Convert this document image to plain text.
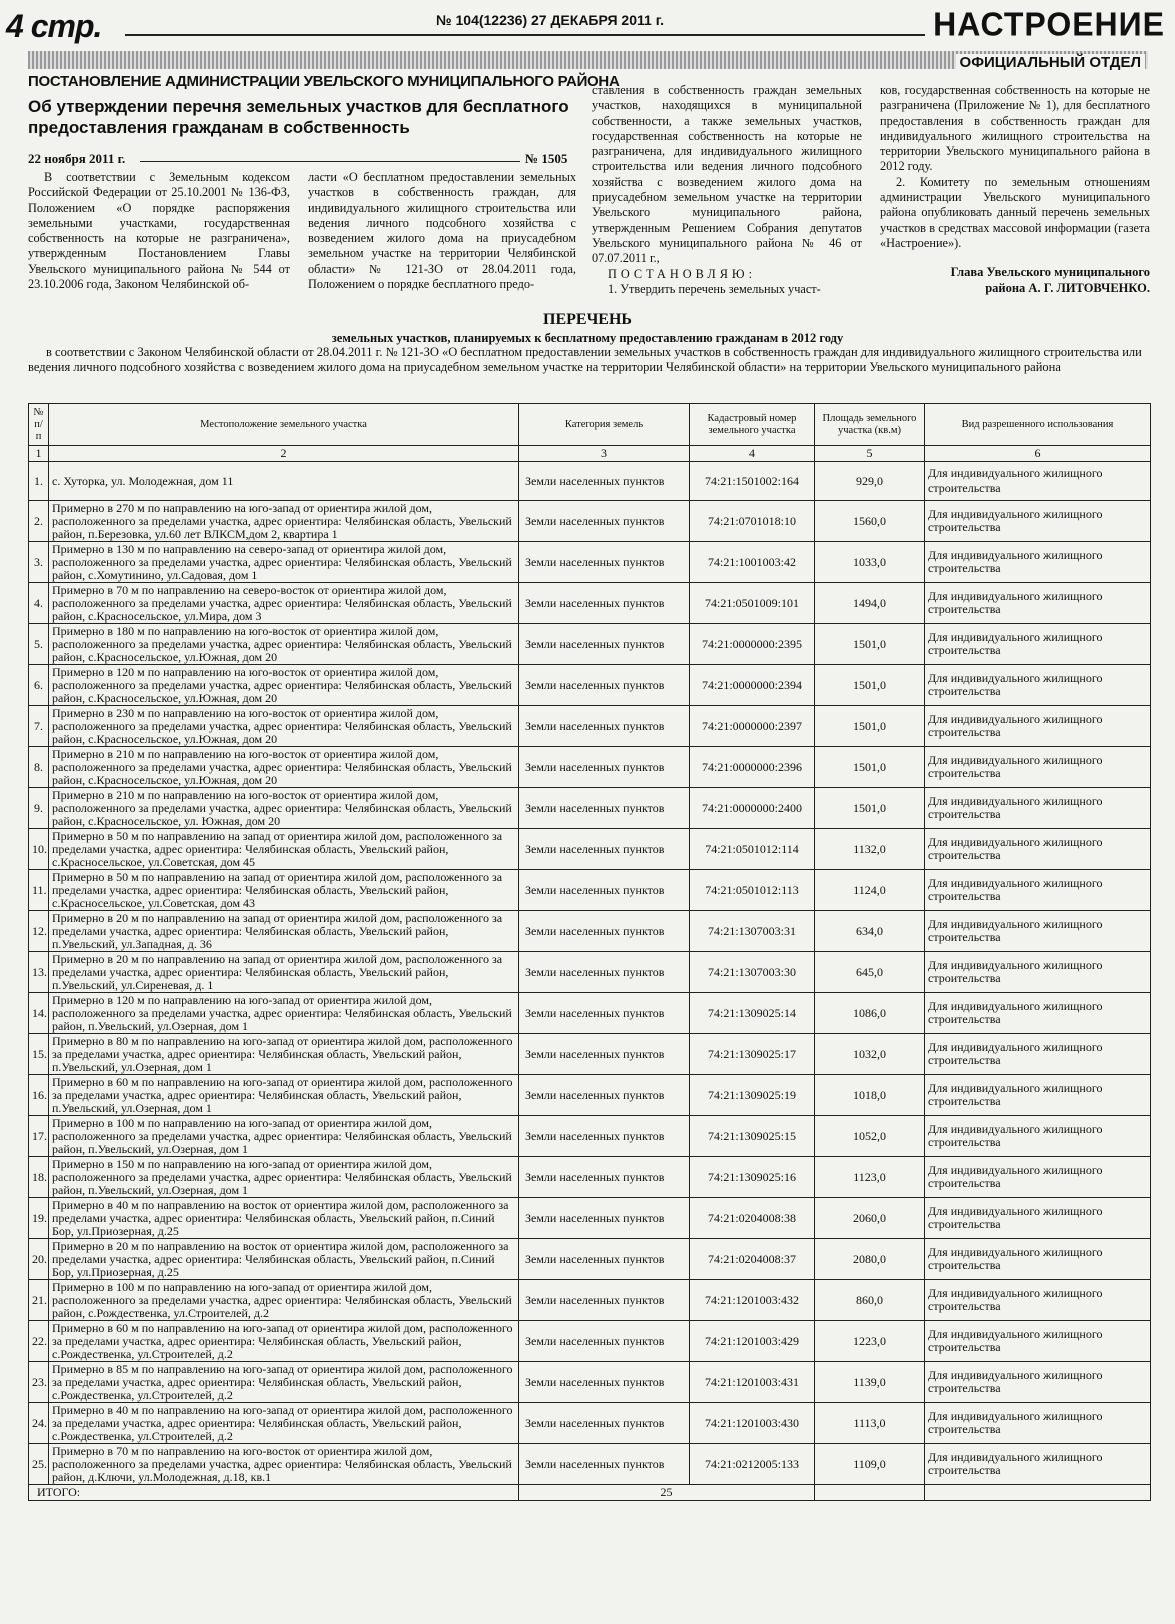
4 стр.	№ 104(12236) 27 ДЕКАБРЯ 2011 г.	НАСТРОЕНИЕ
ОФИЦИАЛЬНЫЙ ОТДЕЛ
ПОСТАНОВЛЕНИЕ АДМИНИСТРАЦИИ УВЕЛЬСКОГО МУНИЦИПАЛЬНОГО РАЙОНА
Об утверждении перечня земельных участков для бесплатного предоставления гражданам в собственность
22 ноября 2011 г.	№ 1505
В соответствии с Земельным кодексом Российской Федерации от 25.10.2001 № 136-ФЗ, Положением «О порядке распоряжения земельными участками, государственная собственность на которые не разграничена», утвержденным Постановлением Главы Увельского муниципального района № 544 от 23.10.2006 года, Законом Челябинской об-
ласти «О бесплатном предоставлении земельных участков в собственность граждан, для индивидуального жилищного строительства или ведения личного подсобного хозяйства с возведением жилого дома на приусадебном земельном участке на территории Челябинской области» № 121-ЗО от 28.04.2011 года, Положением о порядке бесплатного предо-
ставления в собственность граждан земельных участков, находящихся в муниципальной собственности, а также земельных участков, государственная собственность на которые не разграничена, для индивидуального жилищного строительства или ведения личного подсобного хозяйства с возведением жилого дома на приусадебном земельном участке на территории Увельского муниципального района, утвержденным Решением Собрания депутатов Увельского муниципального района № 46 от 07.07.2011 г.,
ПОСТАНОВЛЯЮ:
1. Утвердить перечень земельных участ-

ков, государственная собственность на которые не разграничена (Приложение № 1), для бесплатного предоставления в собственность граждан для индивидуального жилищного строительства на территории Увельского муниципального района в 2012 году.

2. Комитету по земельным отношениям администрации Увельского муниципального района опубликовать данный перечень земельных участков в средствах массовой информации (газета «Настроение»).

Глава Увельского муниципального
района А. Г. ЛИТОВЧЕНКО.

ПЕРЕЧЕНЬ
земельных участков, планируемых к бесплатному предоставлению гражданам в 2012 году
в соответствии с Законом Челябинской области от 28.04.2011 г. № 121-ЗО «О бесплатном предоставлении земельных участков в собственность граждан для индивидуального жилищного строительства или ведения личного подсобного хозяйства с возведением жилого дома на приусадебном земельном участке на территории Челябинской области» на территории Увельского муниципального района
№ п/п	Местоположение земельного участка	Категория земель	Кадастровый номер земельного участка	Площадь земельного участка (кв.м)	Вид разрешенного использования
1	2	3	4	5	6
1.	с. Хуторка, ул. Молодежная, дом 11	Земли населенных пунктов	74:21:1501002:164	929,0	Для индивидуального жилищного строительства
2.	Примерно в 270 м по направлению на юго-запад от ориентира жилой дом, расположенного за пределами участка, адрес ориентира: Челябинская область, Увельский район, п.Березовка, ул.60 лет ВЛКСМ,дом 2, квартира 1	Земли населенных пунктов	74:21:0701018:10	1560,0	Для индивидуального жилищного строительства
3.	Примерно в 130 м по направлению на северо-запад от ориентира жилой дом, расположенного за пределами участка, адрес ориентира: Челябинская область, Увельский район, с.Хомутинино, ул.Садовая, дом 1	Земли населенных пунктов	74:21:1001003:42	1033,0	Для индивидуального жилищного строительства
4.	Примерно в 70 м по направлению на северо-восток от ориентира жилой дом, расположенного за пределами участка, адрес ориентира: Челябинская область, Увельский район, с.Красносельское, ул.Мира, дом 3	Земли населенных пунктов	74:21:0501009:101	1494,0	Для индивидуального жилищного строительства
5.	Примерно в 180 м по направлению на юго-восток от ориентира жилой дом, расположенного за пределами участка, адрес ориентира: Челябинская область, Увельский район, с.Красносельское, ул.Южная, дом 20	Земли населенных пунктов	74:21:0000000:2395	1501,0	Для индивидуального жилищного строительства
6.	Примерно в 120 м по направлению на юго-восток от ориентира жилой дом, расположенного за пределами участка, адрес ориентира: Челябинская область, Увельский район, с.Красносельское, ул.Южная, дом 20	Земли населенных пунктов	74:21:0000000:2394	1501,0	Для индивидуального жилищного строительства
7.	Примерно в 230 м по направлению на юго-восток от ориентира жилой дом, расположенного за пределами участка, адрес ориентира: Челябинская область, Увельский район, с.Красносельское, ул.Южная, дом 20	Земли населенных пунктов	74:21:0000000:2397	1501,0	Для индивидуального жилищного строительства
8.	Примерно в 210 м по направлению на юго-восток от ориентира жилой дом, расположенного за пределами участка, адрес ориентира: Челябинская область, Увельский район, с.Красносельское, ул.Южная, дом 20	Земли населенных пунктов	74:21:0000000:2396	1501,0	Для индивидуального жилищного строительства
9.	Примерно в 210 м по направлению на юго-восток от ориентира жилой дом, расположенного за пределами участка, адрес ориентира: Челябинская область, Увельский район, с.Красносельское, ул. Южная, дом 20	Земли населенных пунктов	74:21:0000000:2400	1501,0	Для индивидуального жилищного строительства
10.	Примерно в 50 м по направлению на запад от ориентира жилой дом, расположенного за пределами участка, адрес ориентира: Челябинская область, Увельский район, с.Красносельское, ул.Советская, дом 45	Земли населенных пунктов	74:21:0501012:114	1132,0	Для индивидуального жилищного строительства
11.	Примерно в 50 м по направлению на запад от ориентира жилой дом, расположенного за пределами участка, адрес ориентира: Челябинская область, Увельский район, с.Красносельское, ул.Советская, дом 43	Земли населенных пунктов	74:21:0501012:113	1124,0	Для индивидуального жилищного строительства
12.	Примерно в 20 м по направлению на запад от ориентира жилой дом, расположенного за пределами участка, адрес ориентира: Челябинская область, Увельский район, п.Увельский, ул.Западная, д. 36	Земли населенных пунктов	74:21:1307003:31	634,0	Для индивидуального жилищного строительства
13.	Примерно в 20 м по направлению на запад от ориентира жилой дом, расположенного за пределами участка, адрес ориентира: Челябинская область, Увельский район, п.Увельский, ул.Сиреневая, д. 1	Земли населенных пунктов	74:21:1307003:30	645,0	Для индивидуального жилищного строительства
14.	Примерно в 120 м по направлению на юго-запад от ориентира жилой дом, расположенного за пределами участка, адрес ориентира: Челябинская область, Увельский район, п.Увельский, ул.Озерная, дом 1	Земли населенных пунктов	74:21:1309025:14	1086,0	Для индивидуального жилищного строительства
15.	Примерно в 80 м по направлению на юго-запад от ориентира жилой дом, расположенного за пределами участка, адрес ориентира: Челябинская область, Увельский район, п.Увельский, ул.Озерная, дом 1	Земли населенных пунктов	74:21:1309025:17	1032,0	Для индивидуального жилищного строительства
16.	Примерно в 60 м по направлению на юго-запад от ориентира жилой дом, расположенного за пределами участка, адрес ориентира: Челябинская область, Увельский район, п.Увельский, ул.Озерная, дом 1	Земли населенных пунктов	74:21:1309025:19	1018,0	Для индивидуального жилищного строительства
17.	Примерно в 100 м по направлению на юго-запад от ориентира жилой дом, расположенного за пределами участка, адрес ориентира: Челябинская область, Увельский район, п.Увельский, ул.Озерная, дом 1	Земли населенных пунктов	74:21:1309025:15	1052,0	Для индивидуального жилищного строительства
18.	Примерно в 150 м по направлению на юго-запад от ориентира жилой дом, расположенного за пределами участка, адрес ориентира: Челябинская область, Увельский район, п.Увельский, ул.Озерная, дом 1	Земли населенных пунктов	74:21:1309025:16	1123,0	Для индивидуального жилищного строительства
19.	Примерно в 40 м по направлению на восток от ориентира жилой дом, расположенного за пределами участка, адрес ориентира: Челябинская область, Увельский район, п.Синий Бор, ул.Приозерная, д.25	Земли населенных пунктов	74:21:0204008:38	2060,0	Для индивидуального жилищного строительства
20.	Примерно в 20 м по направлению на восток от ориентира жилой дом, расположенного за пределами участка, адрес ориентира: Челябинская область, Увельский район, п.Синий Бор, ул.Приозерная, д.25	Земли населенных пунктов	74:21:0204008:37	2080,0	Для индивидуального жилищного строительства
21.	Примерно в 100 м по направлению на юго-запад от ориентира жилой дом, расположенного за пределами участка, адрес ориентира: Челябинская область, Увельский район, с.Рождественка, ул.Строителей, д.2	Земли населенных пунктов	74:21:1201003:432	860,0	Для индивидуального жилищного строительства
22.	Примерно в 60 м по направлению на юго-запад от ориентира жилой дом, расположенного за пределами участка, адрес ориентира: Челябинская область, Увельский район, с.Рождественка, ул.Строителей, д.2	Земли населенных пунктов	74:21:1201003:429	1223,0	Для индивидуального жилищного строительства
23.	Примерно в 85 м по направлению на юго-запад от ориентира жилой дом, расположенного за пределами участка, адрес ориентира: Челябинская область, Увельский район, с.Рождественка, ул.Строителей, д.2	Земли населенных пунктов	74:21:1201003:431	1139,0	Для индивидуального жилищного строительства
24.	Примерно в 40 м по направлению на юго-запад от ориентира жилой дом, расположенного за пределами участка, адрес ориентира: Челябинская область, Увельский район, с.Рождественка, ул.Строителей, д.2	Земли населенных пунктов	74:21:1201003:430	1113,0	Для индивидуального жилищного строительства
25.	Примерно в 70 м по направлению на юго-восток от ориентира жилой дом, расположенного за пределами участка, адрес ориентира: Челябинская область, Увельский район, д.Ключи, ул.Молодежная, д.18, кв.1	Земли населенных пунктов	74:21:0212005:133	1109,0	Для индивидуального жилищного строительства
ИТОГО:		25			
